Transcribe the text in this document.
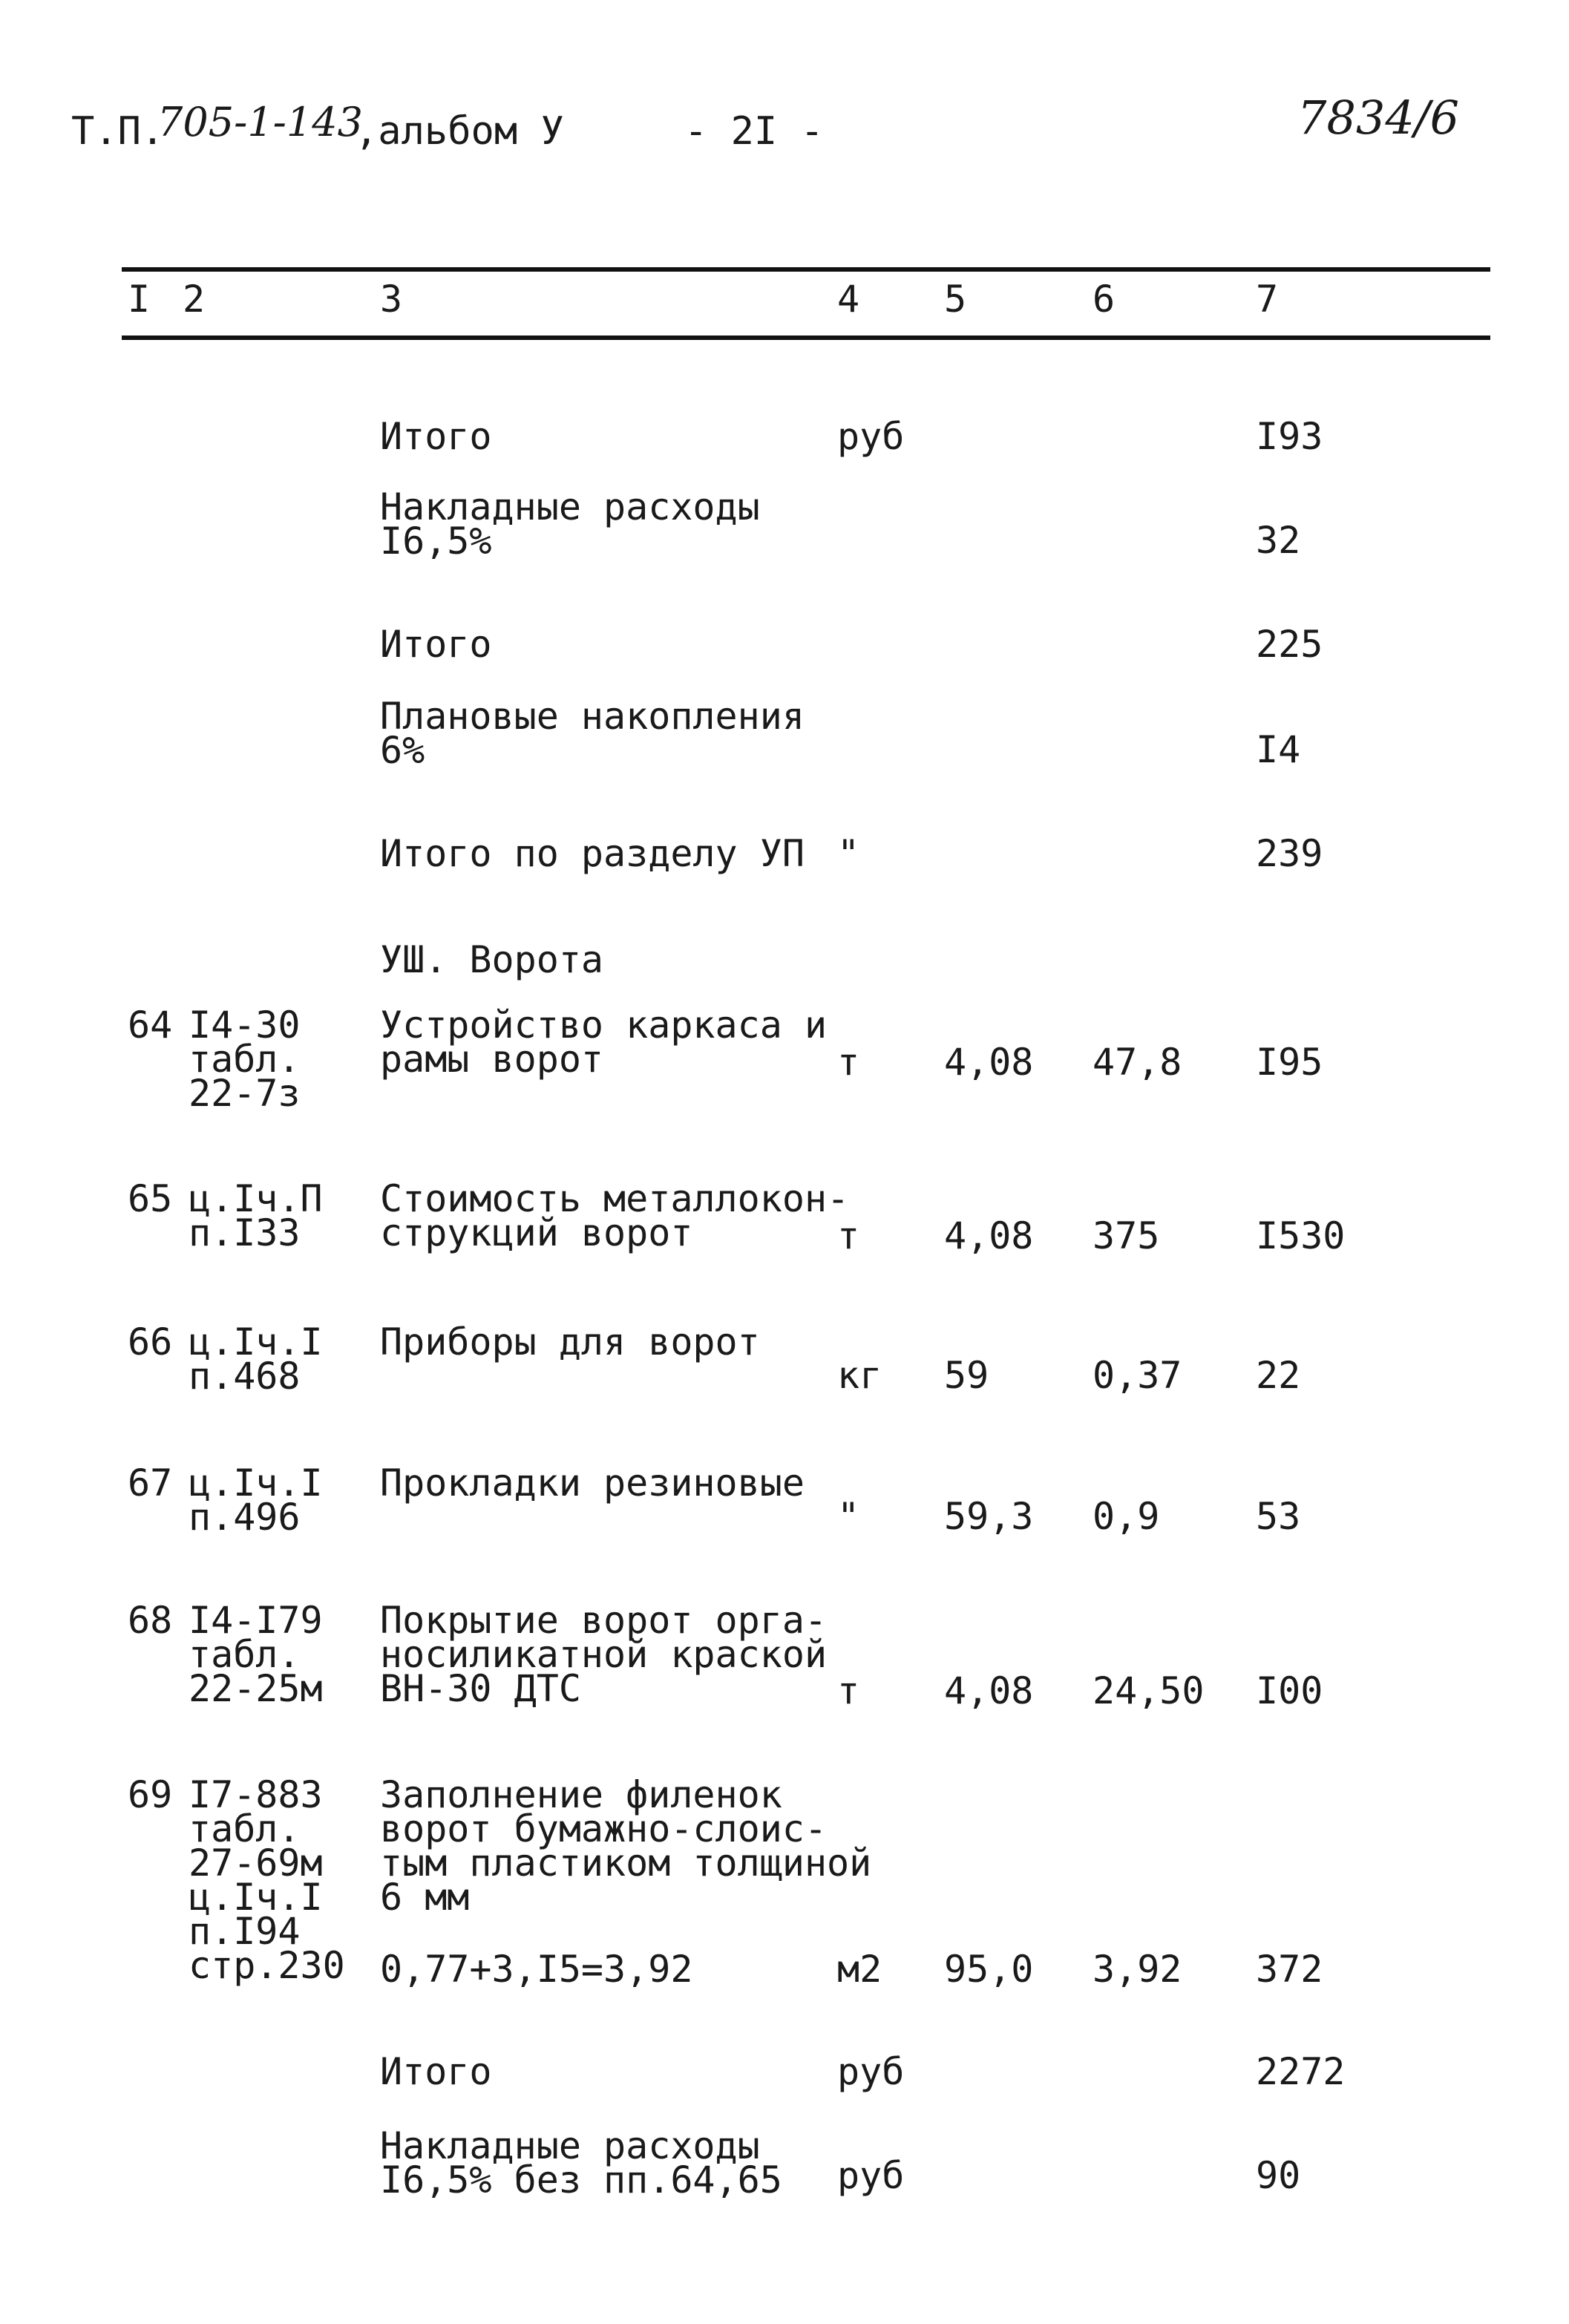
Т.П.
705-1-143
,альбом У	- 2I -	7834/6
I 2	3	4 5	6	7
Итого	руб	I93
Накладные расходы
I6,5%	32
Итого	225
Плановые накопления
6%	I4
Итого по разделу УП "	239
УШ. Ворота
64 I4-30
табл.
22-7з
Устройство каркаса и
рамы ворот	т 4,08 47,8 I95
65 ц.Iч.П
п.I33
Стоимость металлокон-
струкций ворот	т 4,08 375	I530
66 ц.Iч.I
п.468
Приборы для ворот
кг 59	0,37 22
67 ц.Iч.I
п.496
Прокладки резиновые
" 59,3 0,9	53
68 I4-I79
табл.
22-25м
Покрытие ворот орга-
носиликатной краской
ВН-30 ДТС	т 4,08 24,50 I00
69 I7-883
табл.
27-69м
ц.Iч.I
п.I94
стр.230
Заполнение филенок
ворот бумажно-слоис-
тым пластиком толщиной
6 мм
0,77+3,I5=3,92	м2 95,0 3,92 372
Итого	руб	2272
Накладные расходы
I6,5% без пп.64,65 руб	90
